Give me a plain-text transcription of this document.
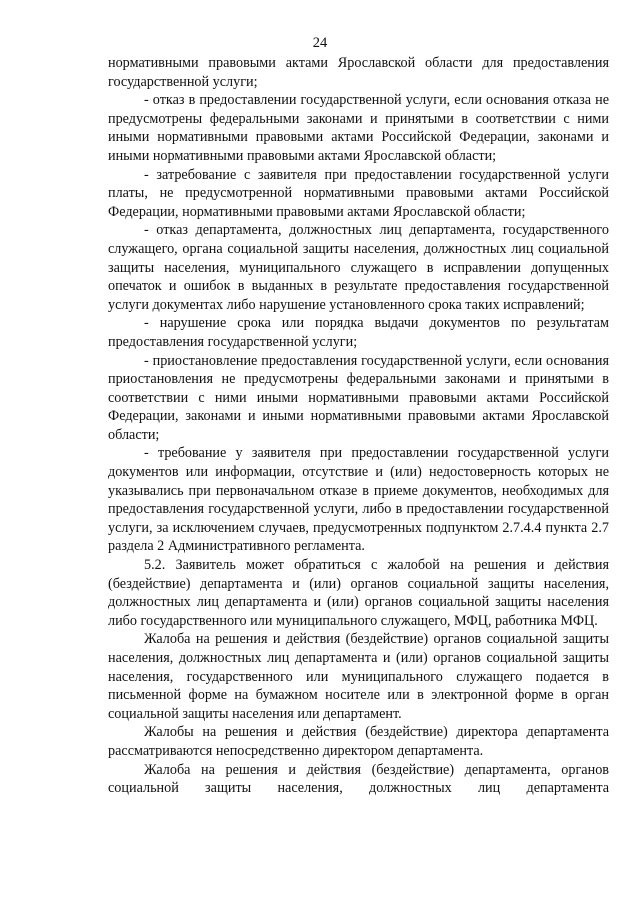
24

нормативными правовыми актами Ярославской области для предоставления государственной услуги;

- отказ в предоставлении государственной услуги, если основания отказа не предусмотрены федеральными законами и принятыми в соответствии с ними иными нормативными правовыми актами Российской Федерации, законами и иными нормативными правовыми актами Ярославской области;

- затребование с заявителя при предоставлении государственной услуги платы, не предусмотренной нормативными правовыми актами Российской Федерации, нормативными правовыми актами Ярославской области;

- отказ департамента, должностных лиц департамента, государственного служащего, органа социальной защиты населения, должностных лиц социальной защиты населения, муниципального служащего в исправлении допущенных опечаток и ошибок в выданных в результате предоставления государственной услуги документах либо нарушение установленного срока таких исправлений;

- нарушение срока или порядка выдачи документов по результатам предоставления государственной услуги;

- приостановление предоставления государственной услуги, если основания приостановления не предусмотрены федеральными законами и принятыми в соответствии с ними иными нормативными правовыми актами Российской Федерации, законами и иными нормативными правовыми актами Ярославской области;

- требование у заявителя при предоставлении государственной услуги документов или информации, отсутствие и (или) недостоверность которых не указывались при первоначальном отказе в приеме документов, необходимых для предоставления государственной услуги, либо в предоставлении государственной услуги, за исключением случаев, предусмотренных подпунктом 2.7.4.4 пункта 2.7 раздела 2 Административного регламента.

5.2. Заявитель может обратиться с жалобой на решения и действия (бездействие) департамента и (или) органов социальной защиты населения, должностных лиц департамента и (или) органов социальной защиты населения либо государственного или муниципального служащего, МФЦ, работника МФЦ.

Жалоба на решения и действия (бездействие) органов социальной защиты населения, должностных лиц департамента и (или) органов социальной защиты населения, государственного или муниципального служащего подается в письменной форме на бумажном носителе или в электронной форме в орган социальной защиты населения или департамент.

Жалобы на решения и действия (бездействие) директора департамента рассматриваются непосредственно директором департамента.

Жалоба на решения и действия (бездействие) департамента, органов социальной защиты населения, должностных лиц департамента
